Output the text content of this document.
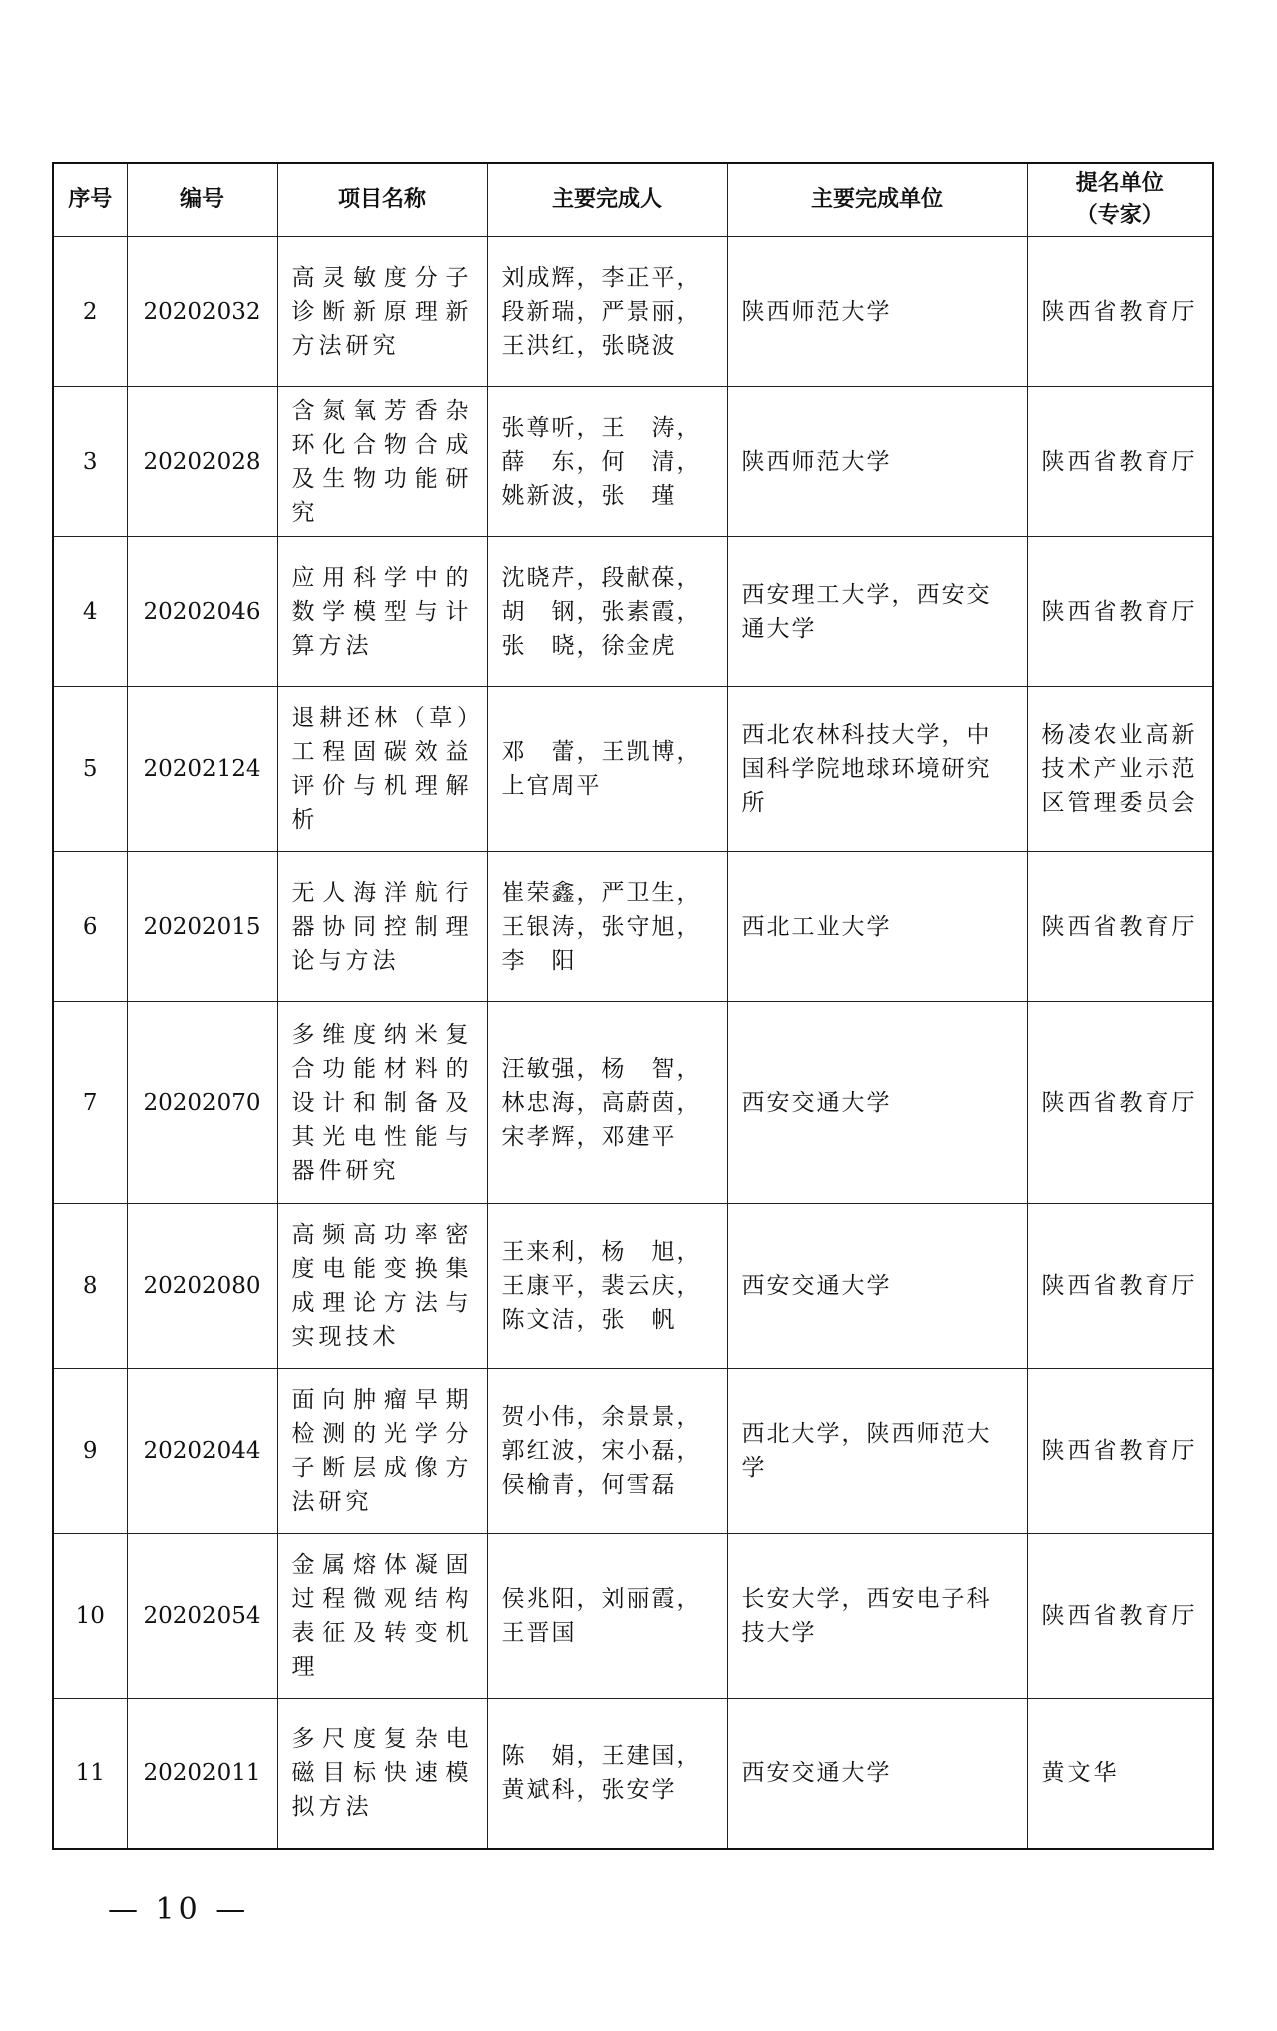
序号	编号	项目名称	主要完成人	主要完成单位	提名单位
（专家）
2	20202032	高灵敏度分子诊断新原理新方法研究	刘成辉，李正平，
段新瑞，严景丽，
王洪红，张晓波	陕西师范大学	陕西省教育厅
3	20202028	含氮氧芳香杂环化合物合成及生物功能研究	张尊听，王　涛，
薛　东，何　清，
姚新波，张　瑾	陕西师范大学	陕西省教育厅
4	20202046	应用科学中的数学模型与计算方法	沈晓芹，段献葆，
胡　钢，张素霞，
张　晓，徐金虎	西安理工大学，西安交通大学	陕西省教育厅
5	20202124	退耕还林（草）工程固碳效益评价与机理解析	邓　蕾，王凯博，
上官周平	西北农林科技大学，中国科学院地球环境研究所	杨凌农业高新技术产业示范区管理委员会
6	20202015	无人海洋航行器协同控制理论与方法	崔荣鑫，严卫生，
王银涛，张守旭，
李　阳	西北工业大学	陕西省教育厅
7	20202070	多维度纳米复合功能材料的设计和制备及其光电性能与器件研究	汪敏强，杨　智，
林忠海，高蔚茵，
宋孝辉，邓建平	西安交通大学	陕西省教育厅
8	20202080	高频高功率密度电能变换集成理论方法与实现技术	王来利，杨　旭，
王康平，裴云庆，
陈文洁，张　帆	西安交通大学	陕西省教育厅
9	20202044	面向肿瘤早期检测的光学分子断层成像方法研究	贺小伟，余景景，
郭红波，宋小磊，
侯榆青，何雪磊	西北大学，陕西师范大学	陕西省教育厅
10	20202054	金属熔体凝固过程微观结构表征及转变机理	侯兆阳，刘丽霞，
王晋国	长安大学，西安电子科技大学	陕西省教育厅
11	20202011	多尺度复杂电磁目标快速模拟方法	陈　娟，王建国，
黄斌科，张安学	西安交通大学	黄文华
— 10 —
